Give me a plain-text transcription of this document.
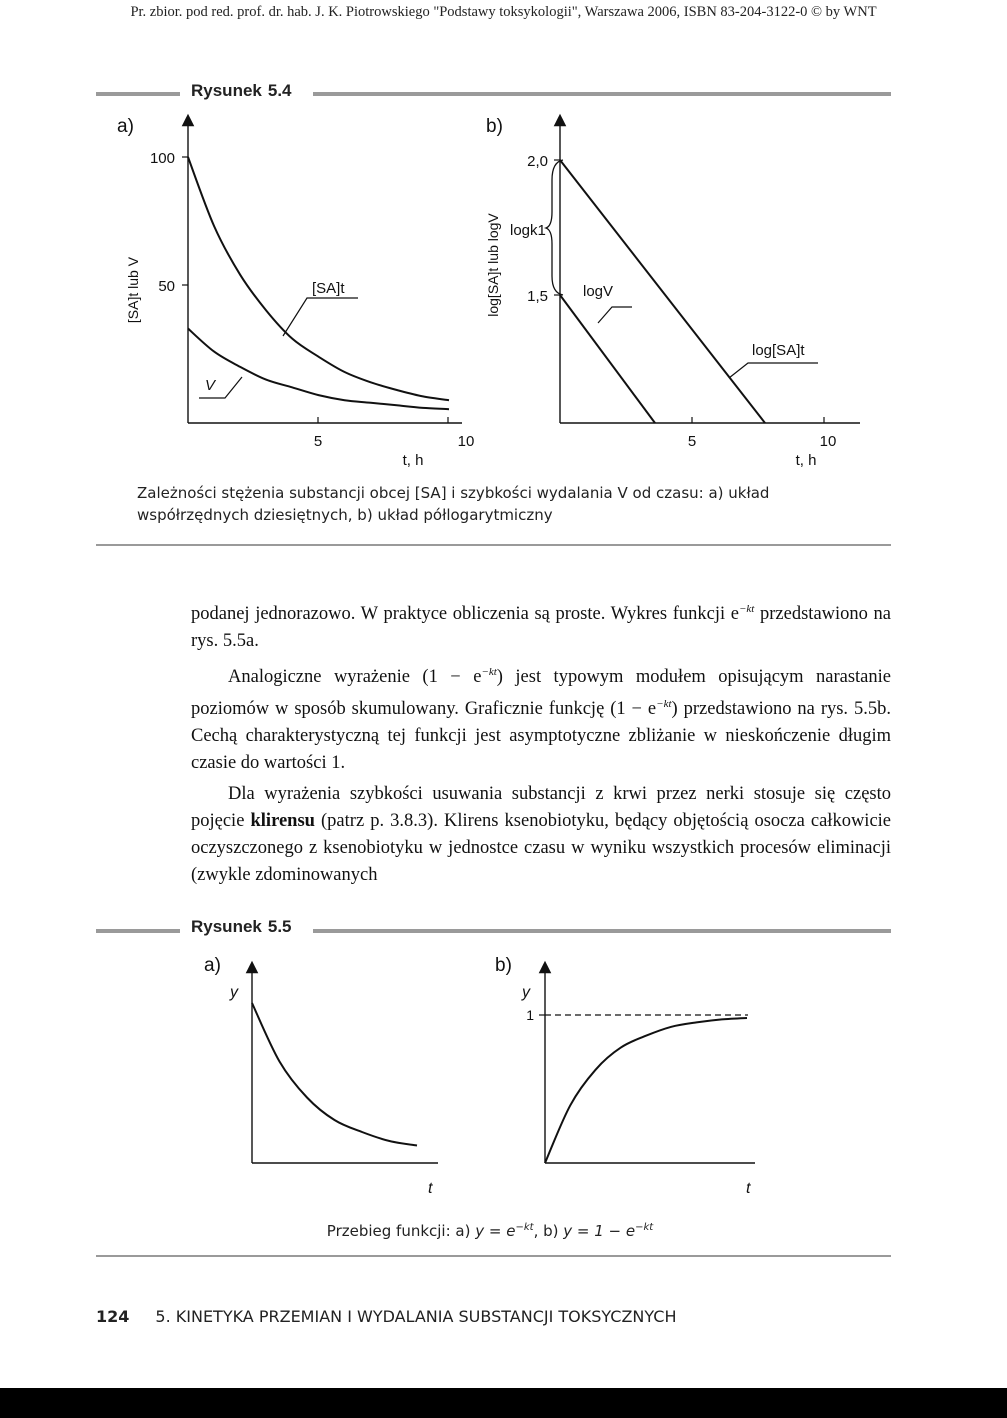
Pr. zbior. pod red. prof. dr. hab. J. K. Piotrowskiego "Podstawy toksykologii", Warszawa 2006, ISBN 83-204-3122-0 © by WNT
Rysunek 5.4
a)
100
50
5	10
t, h
[SA]t lub V	[SA]t
V
b)
2,0
1,5
5	10
t, h
log[SA]t lub logV logk1
logV
log[SA]t
Zależności stężenia substancji obcej [SA] i szybkości wydalania V od czasu: a) układ
współrzędnych dziesiętnych, b) układ półlogarytmiczny

podanej jednorazowo. W praktyce obliczenia są proste. Wykres funkcji $e^{-kt}$ przedstawiono na rys. 5.5a.

Analogiczne wyrażenie $(1 - e^{-kt})$ jest typowym modułem opisującym narastanie poziomów w sposób skumulowany. Graficznie funkcję $(1 - e^{-kt})$ przedstawiono na rys. 5.5b. Cechą charakterystyczną tej funkcji jest asymptotyczne zbliżanie w nieskończenie długim czasie do wartości 1.

Dla wyrażenia szybkości usuwania substancji z krwi przez nerki stosuje się często pojęcie klirensu (patrz p. 3.8.3). Klirens ksenobiotyku, będący objętością osocza całkowicie oczyszczonego z ksenobiotyku w jednostce czasu w wyniku wszystkich procesów eliminacji (zwykle zdominowanych

Rysunek 5.5
a)
y
t
b)
y
t
1
Przebieg funkcji: a) $y = e^{-kt}$, b) $y = 1 - e^{-kt}$
124 5. KINETYKA PRZEMIAN I WYDALANIA SUBSTANCJI TOKSYCZNYCH
